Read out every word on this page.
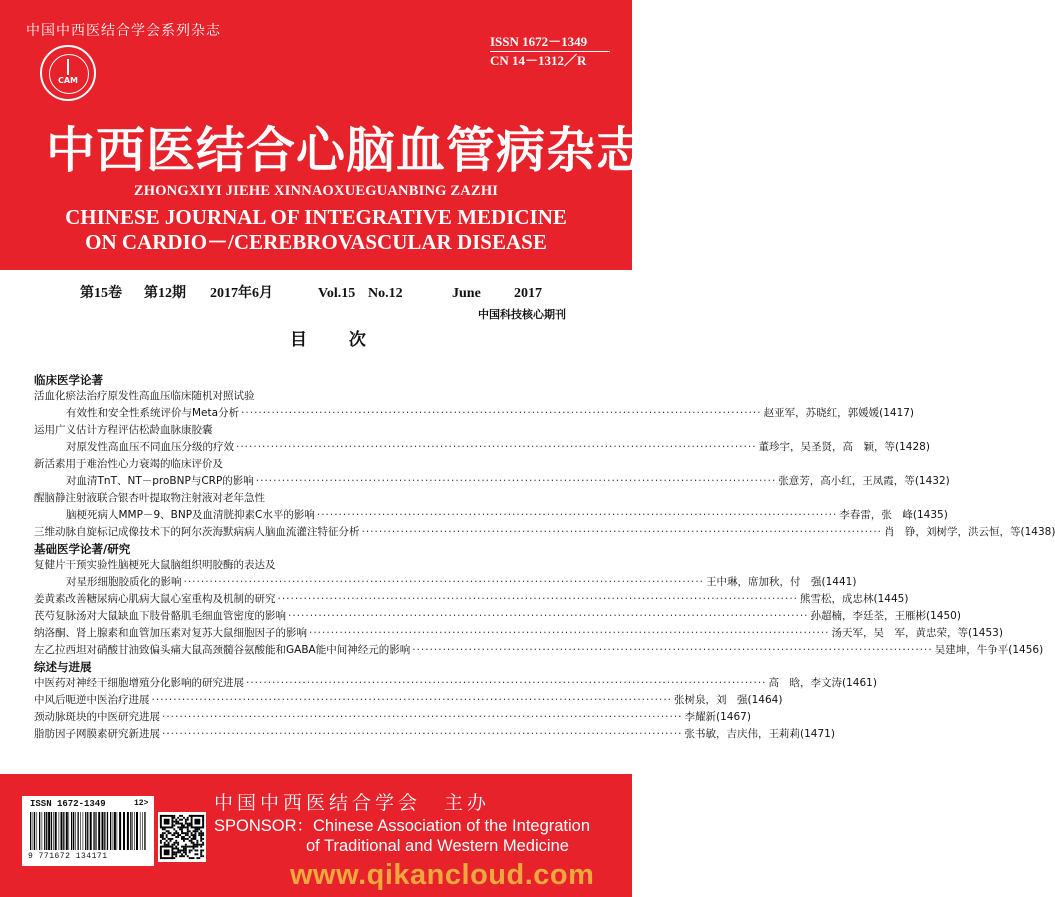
中国中西医结合学会系列杂志
CAM
ISSN 1672－1349
CN 14－1312／R
中西医结合心脑血管病杂志
ZHONGXIYI JIEHE XINNAOXUEGUANBING ZAZHI
CHINESE JOURNAL OF INTEGRATIVE MEDICINE
ON CARDIO－/CEREBROVASCULAR DISEASE
第15卷 第12期 2017年6月	Vol.15 No.12	June 2017
中国科技核心期刊
目 次
临床医学论著
活血化瘀法治疗原发性高血压临床随机对照试验
有效性和安全性系统评价与Meta分析 ························································································································ 赵亚军，苏晓红，郭媛媛 (1417)
运用广义估计方程评估松龄血脉康胶囊
对原发性高血压不同血压分级的疗效 ························································································································ 董珍宇，吴圣贤，高　颖，等 (1428)
新活素用于难治性心力衰竭的临床评价及
对血清TnT、NT－proBNP与CRP的影响 ························································································································ 张意芳，高小红，王凤霞，等 (1432)
醒脑静注射液联合银杏叶提取物注射液对老年急性
脑梗死病人MMP－9、BNP及血清胱抑素C水平的影响 ························································································································ 李春雷，张　峰 (1435)
三维动脉自旋标记成像技术下的阿尔茨海默病病人脑血流灌注特征分析 ························································································································ 肖　铮，刘树学，洪云恒，等 (1438)
基础医学论著/研究
复健片干预实验性脑梗死大鼠脑组织明胶酶的表达及
对星形细胞胶质化的影响 ························································································································ 王中琳，席加秋，付　强 (1441)
姜黄素改善糖尿病心肌病大鼠心室重构及机制的研究 ························································································································ 熊雪松，成忠林 (1445)
芪芍复脉汤对大鼠缺血下肢骨骼肌毛细血管密度的影响 ························································································································ 孙超楠，李廷荃，王雁彬 (1450)
纳洛酮、肾上腺素和血管加压素对复苏大鼠细胞因子的影响 ························································································································ 汤天军，吴　军，黄忠荣，等 (1453)
左乙拉西坦对硝酸甘油致偏头痛大鼠高颈髓谷氨酸能和GABA能中间神经元的影响 ························································································································ 吴建坤，牛争平 (1456)
综述与进展
中医药对神经干细胞增殖分化影响的研究进展 ························································································································ 高　晗，李文涛 (1461)
中风后呃逆中医治疗进展 ························································································································ 张树泉，刘　强 (1464)
颈动脉斑块的中医研究进展 ························································································································ 李耀新 (1467)
脂肪因子网膜素研究新进展 ························································································································ 张书敏，吉庆伟，王莉莉 (1471)
ISSN 1672-1349	12>
9 771672 134171
中国中西医结合学会　主办
SPONSOR：Chinese Association of the Integration
of Traditional and Western Medicine
www.qikancloud.com
